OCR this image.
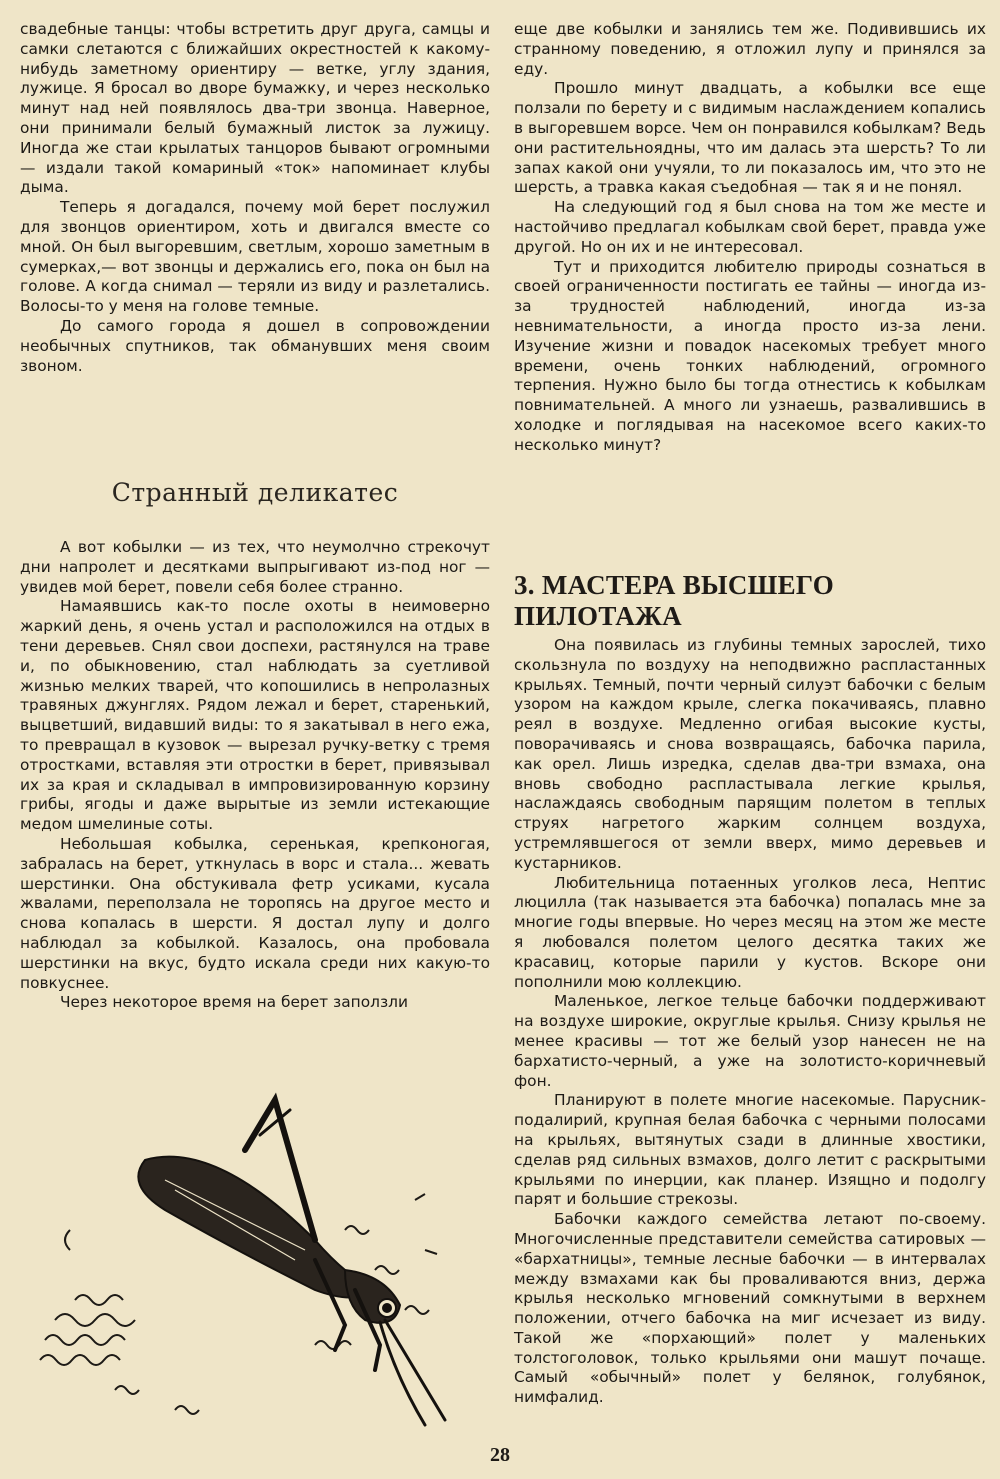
свадебные танцы: чтобы встретить друг друга, самцы и самки слетаются с ближайших окрестностей к какому-нибудь заметному ориентиру — ветке, углу здания, лужице. Я бросал во дворе бумажку, и через несколько минут над ней появлялось два-три звонца. Наверное, они принимали белый бумажный листок за лужицу. Иногда же стаи крылатых танцоров бывают огромными — издали такой комариный «ток» напоминает клубы дыма.

Теперь я догадался, почему мой берет послужил для звонцов ориентиром, хоть и двигался вместе со мной. Он был выгоревшим, светлым, хорошо заметным в сумерках,— вот звонцы и держались его, пока он был на голове. А когда снимал — теряли из виду и разлетались. Волосы-то у меня на голове темные.

До самого города я дошел в сопровождении необычных спутников, так обманувших меня своим звоном.

Странный деликатес

А вот кобылки — из тех, что неумолчно стрекочут дни напролет и десятками выпрыгивают из-под ног — увидев мой берет, повели себя более странно.

Намаявшись как-то после охоты в неимоверно жаркий день, я очень устал и расположился на отдых в тени деревьев. Снял свои доспехи, растянулся на траве и, по обыкновению, стал наблюдать за суетливой жизнью мелких тварей, что копошились в непролазных травяных джунглях. Рядом лежал и берет, старенький, выцветший, видавший виды: то я закатывал в него ежа, то превращал в кузовок — вырезал ручку-ветку с тремя отростками, вставляя эти отростки в берет, привязывал их за края и складывал в импровизированную корзину грибы, ягоды и даже вырытые из земли истекающие медом шмелиные соты.

Небольшая кобылка, серенькая, крепконогая, забралась на берет, уткнулась в ворс и стала... жевать шерстинки. Она обстукивала фетр усиками, кусала жвалами, переползала не торопясь на другое место и снова копалась в шерсти. Я достал лупу и долго наблюдал за кобылкой. Казалось, она пробовала шерстинки на вкус, будто искала среди них какую-то повкуснее.

Через некоторое время на берет заползли

еще две кобылки и занялись тем же. Подивившись их странному поведению, я отложил лупу и принялся за еду.

Прошло минут двадцать, а кобылки все еще ползали по берету и с видимым наслаждением копались в выгоревшем ворсе. Чем он понравился кобылкам? Ведь они растительноядны, что им далась эта шерсть? То ли запах какой они учуяли, то ли показалось им, что это не шерсть, а травка какая съедобная — так я и не понял.

На следующий год я был снова на том же месте и настойчиво предлагал кобылкам свой берет, правда уже другой. Но он их и не интересовал.

Тут и приходится любителю природы сознаться в своей ограниченности постигать ее тайны — иногда из-за трудностей наблюдений, иногда из-за невнимательности, а иногда просто из-за лени. Изучение жизни и повадок насекомых требует много времени, очень тонких наблюдений, огромного терпения. Нужно было бы тогда отнестись к кобылкам повнимательней. А много ли узнаешь, развалившись в холодке и поглядывая на насекомое всего каких-то несколько минут?

3. МАСТЕРА ВЫСШЕГО ПИЛОТАЖА

Она появилась из глубины темных зарослей, тихо скользнула по воздуху на неподвижно распластанных крыльях. Темный, почти черный силуэт бабочки с белым узором на каждом крыле, слегка покачиваясь, плавно реял в воздухе. Медленно огибая высокие кусты, поворачиваясь и снова возвращаясь, бабочка парила, как орел. Лишь изредка, сделав два-три взмаха, она вновь свободно распластывала легкие крылья, наслаждаясь свободным парящим полетом в теплых струях нагретого жарким солнцем воздуха, устремлявшегося от земли вверх, мимо деревьев и кустарников.

Любительница потаенных уголков леса, Нептис люцилла (так называется эта бабочка) попалась мне за многие годы впервые. Но через месяц на этом же месте я любовался полетом целого десятка таких же красавиц, которые парили у кустов. Вскоре они пополнили мою коллекцию.

Маленькое, легкое тельце бабочки поддерживают на воздухе широкие, округлые крылья. Снизу крылья не менее красивы — тот же белый узор нанесен не на бархатисто-черный, а уже на золотисто-коричневый фон.

Планируют в полете многие насекомые. Парусник-подалирий, крупная белая бабочка с черными полосами на крыльях, вытянутых сзади в длинные хвостики, сделав ряд сильных взмахов, долго летит с раскрытыми крыльями по инерции, как планер. Изящно и подолгу парят и большие стрекозы.

Бабочки каждого семейства летают по-своему. Многочисленные представители семейства сатировых — «бархатницы», темные лесные бабочки — в интервалах между взмахами как бы проваливаются вниз, держа крылья несколько мгновений сомкнутыми в верхнем положении, отчего бабочка на миг исчезает из виду. Такой же «порхающий» полет у маленьких толстоголовок, только крыльями они машут почаще. Самый «обычный» полет у белянок, голубянок, нимфалид.

28
